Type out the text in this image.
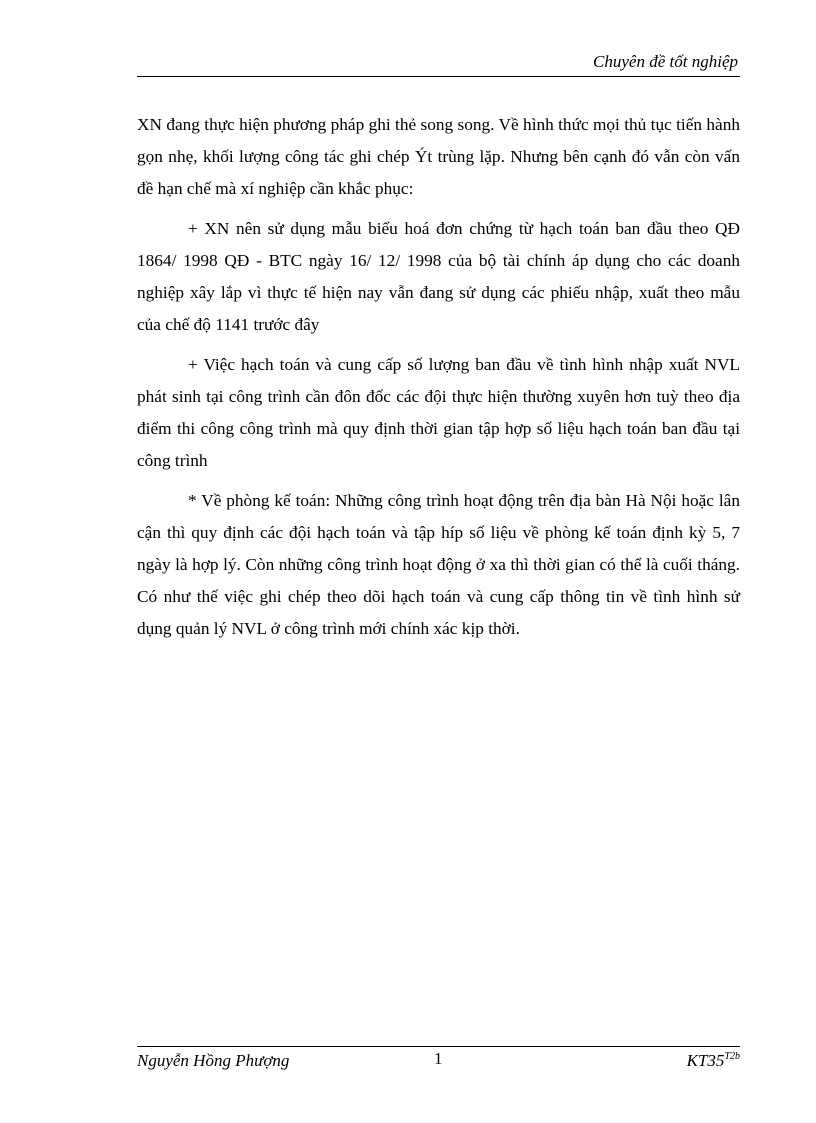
Chuyên đề tốt nghiệp

XN đang thực hiện phương pháp ghi thẻ song song. Về hình thức mọi thủ tục tiến hành gọn nhẹ, khối lượng công tác ghi chép Ýt trùng lặp. Nhưng bên cạnh đó vẫn còn vấn đề hạn chế mà xí nghiệp cần khắc phục:

+ XN nên sử dụng mẫu biểu hoá đơn chứng từ hạch toán ban đầu theo QĐ 1864/ 1998 QĐ - BTC ngày 16/ 12/ 1998 của bộ tài chính áp dụng cho các doanh nghiệp xây lắp vì thực tế hiện nay vẫn đang sử dụng các phiếu nhập, xuất theo mẫu của chế độ 1141 trước đây

+ Việc hạch toán và cung cấp số lượng ban đầu về tình hình nhập xuất NVL phát sinh tại công trình cần đôn đốc các đội thực hiện thường xuyên hơn tuỳ theo địa điểm thi công công trình mà quy định thời gian tập hợp số liệu hạch toán ban đầu tại công trình

* Về phòng kế toán: Những công trình hoạt động trên địa bàn Hà Nội hoặc lân cận thì quy định các đội hạch toán và tập híp số liệu về phòng kế toán định kỳ 5, 7 ngày là hợp lý. Còn những công trình hoạt động ở xa thì thời gian có thể là cuối tháng. Có như thế việc ghi chép theo dõi hạch toán và cung cấp thông tin về tình hình sử dụng quản lý NVL ở công trình mới chính xác kịp thời.

Nguyễn Hồng Phượng	1	$KT35^{T2b}$
